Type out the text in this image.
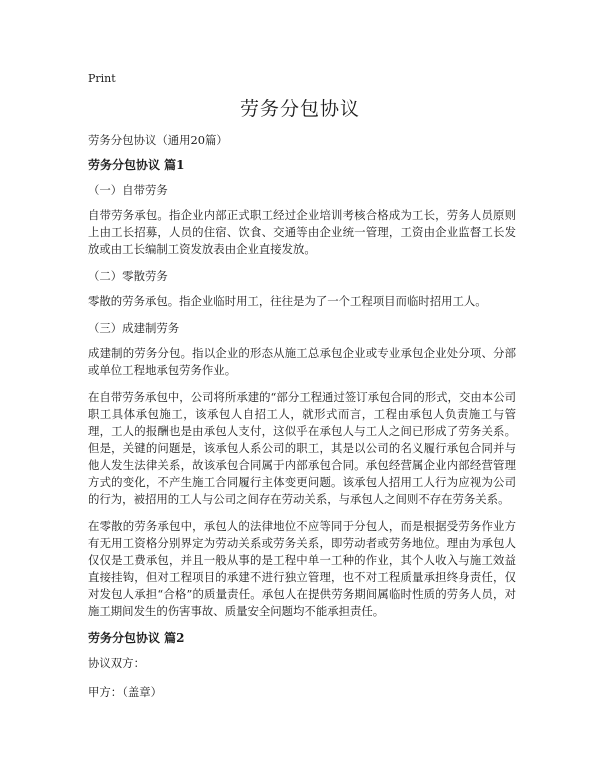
Print
劳务分包协议

劳务分包协议（通用20篇）

劳务分包协议 篇1

（一）自带劳务

自带劳务承包。指企业内部正式职工经过企业培训考核合格成为工长，劳务人员原则上由工长招募，人员的住宿、饮食、交通等由企业统一管理，工资由企业监督工长发放或由工长编制工资发放表由企业直接发放。

（二）零散劳务

零散的劳务承包。指企业临时用工，往往是为了一个工程项目而临时招用工人。

（三）成建制劳务

成建制的劳务分包。指以企业的形态从施工总承包企业或专业承包企业处分项、分部或单位工程地承包劳务作业。

在自带劳务承包中，公司将所承建的“部分工程通过签订承包合同的形式，交由本公司职工具体承包施工，该承包人自招工人，就形式而言，工程由承包人负责施工与管理，工人的报酬也是由承包人支付，这似乎在承包人与工人之间已形成了劳务关系。但是，关键的问题是，该承包人系公司的职工，其是以公司的名义履行承包合同并与他人发生法律关系，故该承包合同属于内部承包合同。承包经营属企业内部经营管理方式的变化，不产生施工合同履行主体变更问题。该承包人招用工人行为应视为公司的行为，被招用的工人与公司之间存在劳动关系，与承包人之间则不存在劳务关系。

在零散的劳务承包中，承包人的法律地位不应等同于分包人，而是根据受劳务作业方有无用工资格分别界定为劳动关系或劳务关系，即劳动者或劳务地位。理由为承包人仅仅是工费承包，并且一般从事的是工程中单一工种的作业，其个人收入与施工效益直接挂钩，但对工程项目的承建不进行独立管理，也不对工程质量承担终身责任，仅对发包人承担“合格”的质量责任。承包人在提供劳务期间属临时性质的劳务人员，对施工期间发生的伤害事故、质量安全问题均不能承担责任。

劳务分包协议 篇2

协议双方：

甲方：（盖章）
